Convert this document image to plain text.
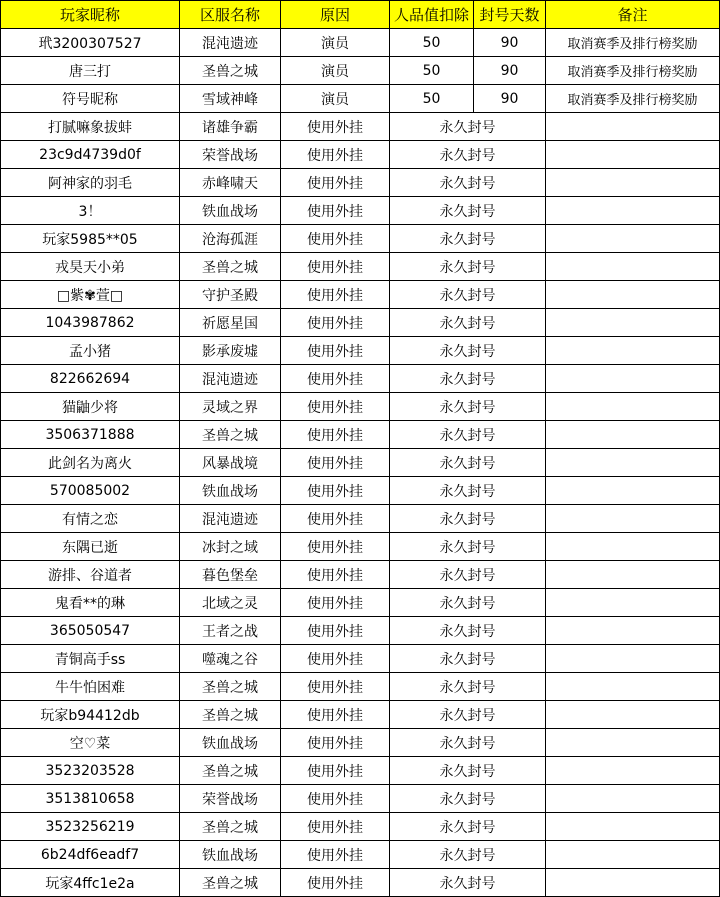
玩家昵称	区服名称	原因	人品值扣除	封号天数	备注
玳3200307527	混沌遗迹	演员	50	90	取消赛季及排行榜奖励
唐三打	圣兽之城	演员	50	90	取消赛季及排行榜奖励
符号昵称	雪域神峰	演员	50	90	取消赛季及排行榜奖励
打腻嘛象拔蚌	诸雄争霸	使用外挂	永久封号		
23c9d4739d0f	荣誉战场	使用外挂	永久封号		
阿神家的羽毛	赤峰啸天	使用外挂	永久封号		
3！	铁血战场	使用外挂	永久封号		
玩家5985**05	沧海孤涯	使用外挂	永久封号		
戎昊天小弟	圣兽之城	使用外挂	永久封号		
□紫✾萱□	守护圣殿	使用外挂	永久封号		
1043987862	祈愿星国	使用外挂	永久封号		
孟小猪	影承废墟	使用外挂	永久封号		
822662694	混沌遗迹	使用外挂	永久封号		
猫鼬少将	灵域之界	使用外挂	永久封号		
3506371888	圣兽之城	使用外挂	永久封号		
此剑名为离火	风暴战境	使用外挂	永久封号		
570085002	铁血战场	使用外挂	永久封号		
有情之恋	混沌遗迹	使用外挂	永久封号		
东隅已逝	冰封之域	使用外挂	永久封号		
游排、谷道者	暮色堡垒	使用外挂	永久封号		
鬼看**的琳	北域之灵	使用外挂	永久封号		
365050547	王者之战	使用外挂	永久封号		
青铜高手ss	噬魂之谷	使用外挂	永久封号		
牛牛怕困难	圣兽之城	使用外挂	永久封号		
玩家b94412db	圣兽之城	使用外挂	永久封号		
空♡菜	铁血战场	使用外挂	永久封号		
3523203528	圣兽之城	使用外挂	永久封号		
3513810658	荣誉战场	使用外挂	永久封号		
3523256219	圣兽之城	使用外挂	永久封号		
6b24df6eadf7	铁血战场	使用外挂	永久封号		
玩家4ffc1e2a	圣兽之城	使用外挂	永久封号		
